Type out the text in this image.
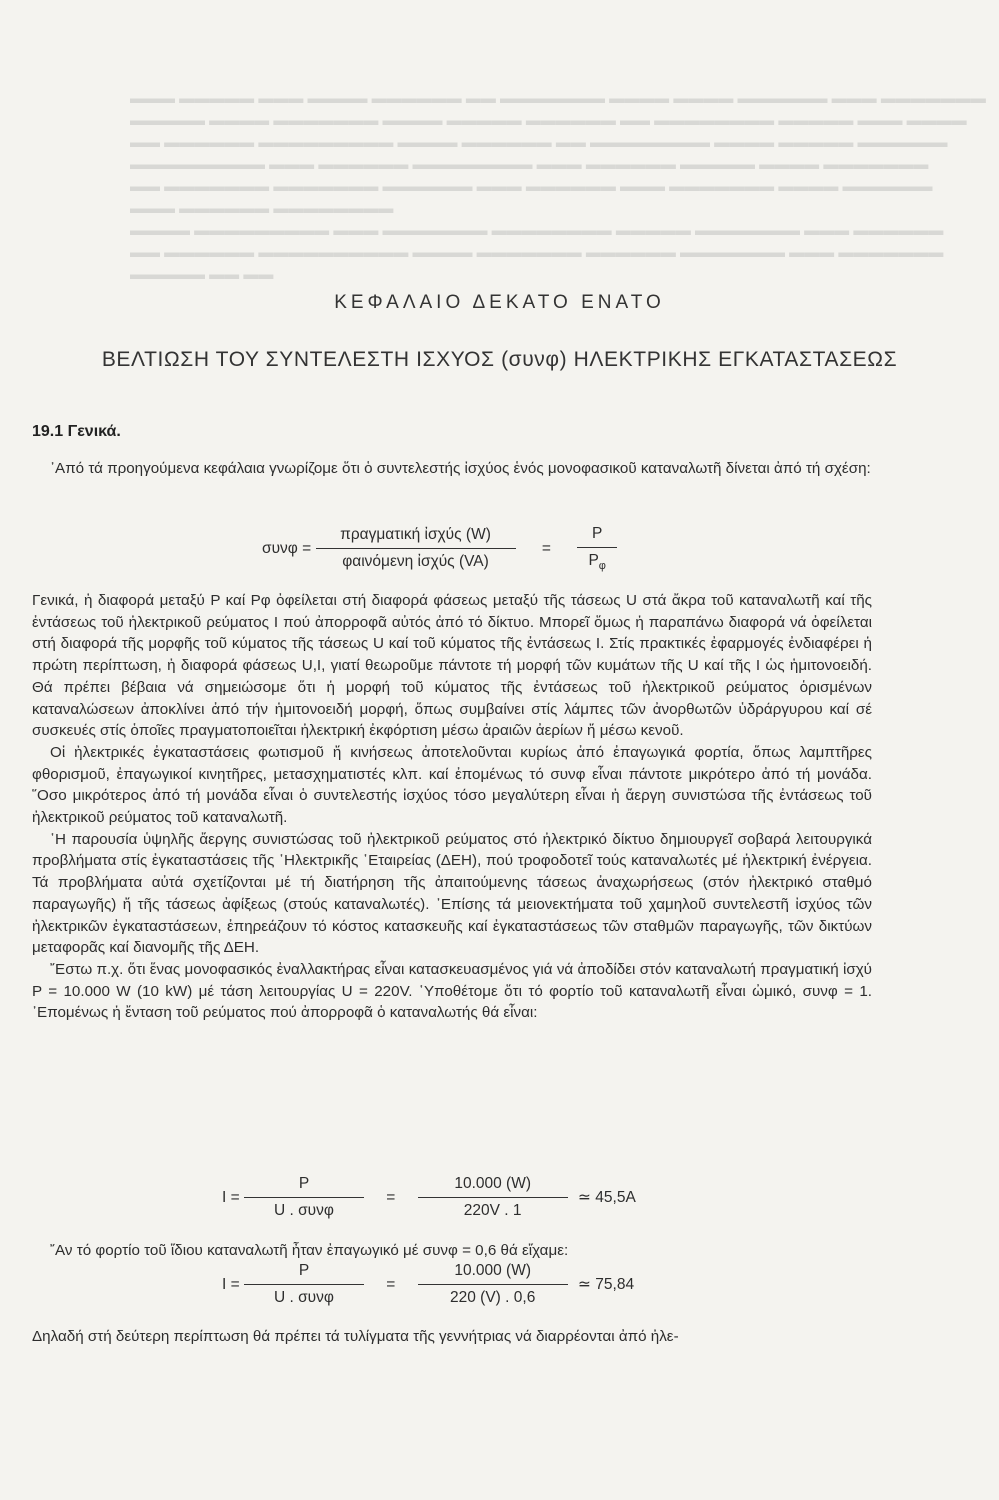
▬▬▬ ▬▬▬▬▬ ▬▬▬ ▬▬▬▬ ▬▬▬▬▬▬ ▬▬ ▬▬▬▬▬▬▬ ▬▬▬▬ ▬▬▬▬ ▬▬▬▬▬▬ ▬▬▬ ▬▬▬▬▬▬▬
▬▬▬▬▬ ▬▬▬▬ ▬▬▬▬▬▬▬ ▬▬▬▬ ▬▬▬▬▬ ▬▬▬▬▬▬ ▬▬ ▬▬▬▬▬▬▬▬ ▬▬▬▬▬ ▬▬▬ ▬▬▬▬
▬▬ ▬▬▬▬▬▬ ▬▬▬▬▬▬▬▬▬ ▬▬▬▬ ▬▬▬▬▬▬ ▬▬ ▬▬▬▬▬▬▬▬ ▬▬▬▬ ▬▬▬▬▬ ▬▬▬▬▬▬
▬▬▬▬▬▬▬▬▬ ▬▬▬ ▬▬▬▬▬▬ ▬▬▬▬▬▬▬▬ ▬▬▬ ▬▬▬▬▬▬ ▬▬▬▬▬ ▬▬▬▬ ▬▬▬▬▬▬▬
▬▬ ▬▬▬▬▬▬▬ ▬▬▬▬▬▬▬ ▬▬▬▬▬▬ ▬▬▬ ▬▬▬▬▬▬ ▬▬▬ ▬▬▬▬▬▬▬ ▬▬▬▬ ▬▬▬▬▬▬
▬▬▬ ▬▬▬▬▬▬ ▬▬▬▬▬▬▬▬
▬▬▬▬ ▬▬▬▬▬▬▬▬▬ ▬▬▬ ▬▬▬▬▬▬▬ ▬▬▬▬▬▬▬▬ ▬▬▬▬▬ ▬▬▬▬▬▬▬ ▬▬▬ ▬▬▬▬▬▬
▬▬ ▬▬▬▬▬▬ ▬▬▬▬▬▬▬▬▬▬ ▬▬▬▬ ▬▬▬▬▬▬▬ ▬▬▬▬▬▬ ▬▬▬▬▬▬▬ ▬▬▬ ▬▬▬▬▬▬▬
▬▬▬▬▬ ▬▬ ▬▬
ΚΕΦΑΛΑΙΟ ΔΕΚΑΤΟ ΕΝΑΤΟ
ΒΕΛΤΙΩΣΗ ΤΟΥ ΣΥΝΤΕΛΕΣΤΗ ΙΣΧΥΟΣ (συνφ) ΗΛΕΚΤΡΙΚΗΣ ΕΓΚΑΤΑΣΤΑΣΕΩΣ
19.1 Γενικά.

᾿Από τά προηγούμενα κεφάλαια γνωρίζομε ὅτι ὁ συντελεστής ἰσχύος ἑνός μονοφασικοῦ καταναλωτῆ δίνεται ἀπό τή σχέση:

$\sigma\upsilon\nu\varphi = \frac{\text{πραγματική ἰσχύς (W)}}{\text{φαινόμενη ἰσχύς (VA)}} = \frac{P}{P_\varphi}$

Γενικά, ἡ διαφορά μεταξύ P καί Pφ ὀφείλεται στή διαφορά φάσεως μεταξύ τῆς τάσεως U στά ἄκρα τοῦ καταναλωτῆ καί τῆς ἐντάσεως τοῦ ἠλεκτρικοῦ ρεύματος I πού ἀπορροφᾶ αὐτός ἀπό τό δίκτυο. Μπορεῖ ὅμως ἡ παραπάνω διαφορά νά ὀφείλεται στή διαφορά τῆς μορφῆς τοῦ κύματος τῆς τάσεως U καί τοῦ κύματος τῆς ἐντάσεως I. Στίς πρακτικές ἐφαρμογές ἐνδιαφέρει ἡ πρώτη περίπτωση, ἡ διαφορά φάσεως U,I, γιατί θεωροῦμε πάντοτε τή μορφή τῶν κυμάτων τῆς U καί τῆς I ὡς ἡμιτονοειδή. Θά πρέπει βέβαια νά σημειώσομε ὅτι ἡ μορφή τοῦ κύματος τῆς ἐντάσεως τοῦ ἠλεκτρικοῦ ρεύματος ὁρισμένων καταναλώσεων ἀποκλίνει ἀπό τήν ἡμιτονοειδή μορφή, ὅπως συμβαίνει στίς λάμπες τῶν ἀνορθωτῶν ὑδράργυρου καί σέ συσκευές στίς ὁποῖες πραγματοποιεῖται ἠλεκτρική ἐκφόρτιση μέσω ἀραιῶν ἀερίων ἤ μέσω κενοῦ.

Οἱ ἠλεκτρικές ἐγκαταστάσεις φωτισμοῦ ἤ κινήσεως ἀποτελοῦνται κυρίως ἀπό ἐπαγωγικά φορτία, ὅπως λαμπτῆρες φθορισμοῦ, ἐπαγωγικοί κινητῆρες, μετασχηματιστές κλπ. καί ἐπομένως τό συνφ εἶναι πάντοτε μικρότερο ἀπό τή μονάδα. ῞Οσο μικρότερος ἀπό τή μονάδα εἶναι ὁ συντελεστής ἰσχύος τόσο μεγαλύτερη εἶναι ἡ ἄεργη συνιστώσα τῆς ἐντάσεως τοῦ ἠλεκτρικοῦ ρεύματος τοῦ καταναλωτῆ.

῾Η παρουσία ὑψηλῆς ἄεργης συνιστώσας τοῦ ἠλεκτρικοῦ ρεύματος στό ἠλεκτρικό δίκτυο δημιουργεῖ σοβαρά λειτουργικά προβλήματα στίς ἐγκαταστάσεις τῆς ῾Ηλεκτρικῆς ῾Εταιρείας (ΔΕΗ), πού τροφοδοτεῖ τούς καταναλωτές μέ ἠλεκτρική ἐνέργεια. Τά προβλήματα αὐτά σχετίζονται μέ τή διατήρηση τῆς ἀπαιτούμενης τάσεως ἀναχωρήσεως (στόν ἠλεκτρικό σταθμό παραγωγῆς) ἤ τῆς τάσεως ἀφίξεως (στούς καταναλωτές). ᾿Επίσης τά μειονεκτήματα τοῦ χαμηλοῦ συντελεστῆ ἰσχύος τῶν ἠλεκτρικῶν ἐγκαταστάσεων, ἐπηρεάζουν τό κόστος κατασκευῆς καί ἐγκαταστάσεως τῶν σταθμῶν παραγωγῆς, τῶν δικτύων μεταφορᾶς καί διανομῆς τῆς ΔΕΗ.

῎Εστω π.χ. ὅτι ἕνας μονοφασικός ἐναλλακτήρας εἶναι κατασκευασμένος γιά νά ἀποδίδει στόν καταναλωτή πραγματική ἰσχύ P = 10.000 W (10 kW) μέ τάση λειτουργίας U = 220V. ῾Υποθέτομε ὅτι τό φορτίο τοῦ καταναλωτῆ εἶναι ὠμικό, συνφ = 1. ᾿Επομένως ἡ ἔνταση τοῦ ρεύματος πού ἀπορροφᾶ ὁ καταναλωτής θά εἶναι:

$I = \frac{P}{\text{U . συνφ}} = \frac{10.000 (W)}{220V . 1}$ ≃ 45,5A

῎Αν τό φορτίο τοῦ ἴδιου καταναλωτῆ ἦταν ἐπαγωγικό μέ συνφ = 0,6 θά εἴχαμε:

$I = \frac{P}{\text{U . συνφ}} = \frac{10.000 (W)}{220 (V) . 0,6}$ ≃ 75,84
Δηλαδή στή δεύτερη περίπτωση θά πρέπει τά τυλίγματα τῆς γεννήτριας νά διαρρέονται ἀπό ἠλε-
